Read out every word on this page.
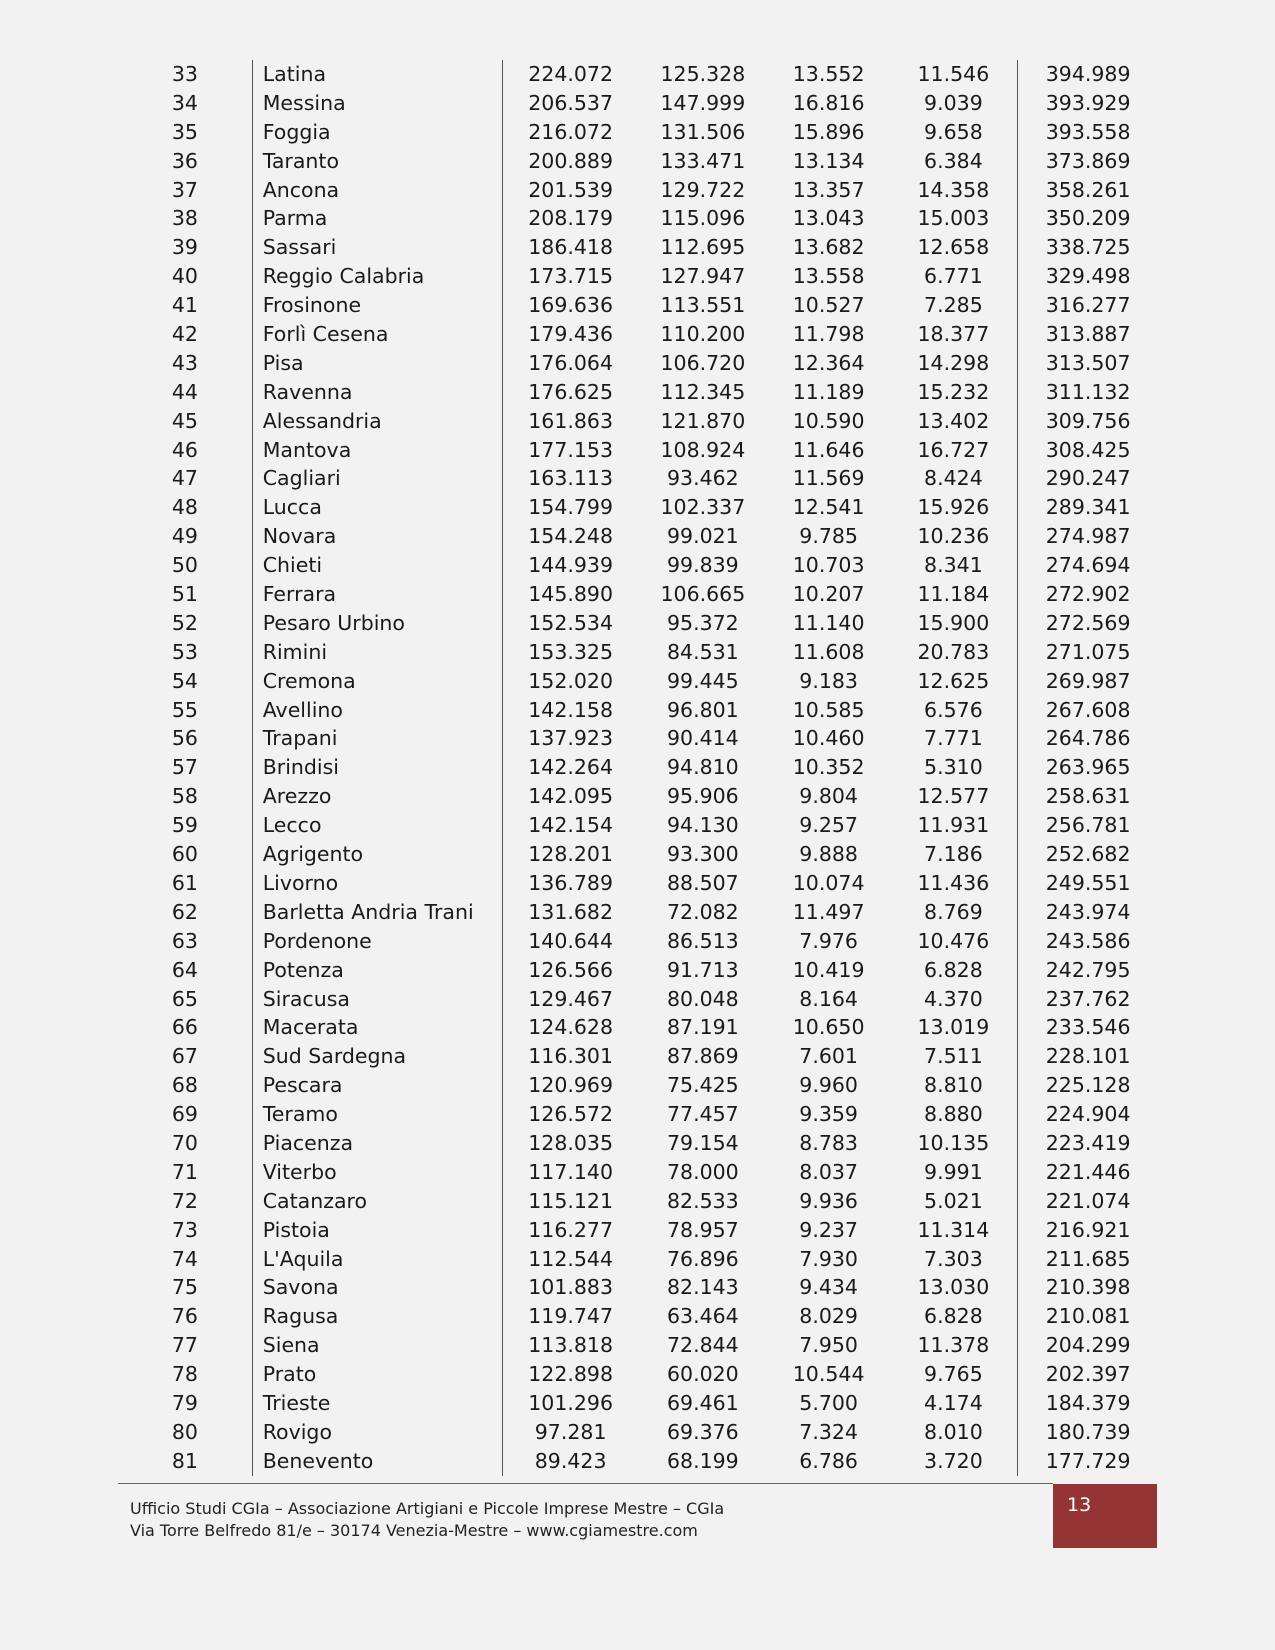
33	Latina	224.072	125.328	13.552	11.546	394.989
34	Messina	206.537	147.999	16.816	9.039	393.929
35	Foggia	216.072	131.506	15.896	9.658	393.558
36	Taranto	200.889	133.471	13.134	6.384	373.869
37	Ancona	201.539	129.722	13.357	14.358	358.261
38	Parma	208.179	115.096	13.043	15.003	350.209
39	Sassari	186.418	112.695	13.682	12.658	338.725
40	Reggio Calabria	173.715	127.947	13.558	6.771	329.498
41	Frosinone	169.636	113.551	10.527	7.285	316.277
42	Forlì Cesena	179.436	110.200	11.798	18.377	313.887
43	Pisa	176.064	106.720	12.364	14.298	313.507
44	Ravenna	176.625	112.345	11.189	15.232	311.132
45	Alessandria	161.863	121.870	10.590	13.402	309.756
46	Mantova	177.153	108.924	11.646	16.727	308.425
47	Cagliari	163.113	93.462	11.569	8.424	290.247
48	Lucca	154.799	102.337	12.541	15.926	289.341
49	Novara	154.248	99.021	9.785	10.236	274.987
50	Chieti	144.939	99.839	10.703	8.341	274.694
51	Ferrara	145.890	106.665	10.207	11.184	272.902
52	Pesaro Urbino	152.534	95.372	11.140	15.900	272.569
53	Rimini	153.325	84.531	11.608	20.783	271.075
54	Cremona	152.020	99.445	9.183	12.625	269.987
55	Avellino	142.158	96.801	10.585	6.576	267.608
56	Trapani	137.923	90.414	10.460	7.771	264.786
57	Brindisi	142.264	94.810	10.352	5.310	263.965
58	Arezzo	142.095	95.906	9.804	12.577	258.631
59	Lecco	142.154	94.130	9.257	11.931	256.781
60	Agrigento	128.201	93.300	9.888	7.186	252.682
61	Livorno	136.789	88.507	10.074	11.436	249.551
62	Barletta Andria Trani	131.682	72.082	11.497	8.769	243.974
63	Pordenone	140.644	86.513	7.976	10.476	243.586
64	Potenza	126.566	91.713	10.419	6.828	242.795
65	Siracusa	129.467	80.048	8.164	4.370	237.762
66	Macerata	124.628	87.191	10.650	13.019	233.546
67	Sud Sardegna	116.301	87.869	7.601	7.511	228.101
68	Pescara	120.969	75.425	9.960	8.810	225.128
69	Teramo	126.572	77.457	9.359	8.880	224.904
70	Piacenza	128.035	79.154	8.783	10.135	223.419
71	Viterbo	117.140	78.000	8.037	9.991	221.446
72	Catanzaro	115.121	82.533	9.936	5.021	221.074
73	Pistoia	116.277	78.957	9.237	11.314	216.921
74	L'Aquila	112.544	76.896	7.930	7.303	211.685
75	Savona	101.883	82.143	9.434	13.030	210.398
76	Ragusa	119.747	63.464	8.029	6.828	210.081
77	Siena	113.818	72.844	7.950	11.378	204.299
78	Prato	122.898	60.020	10.544	9.765	202.397
79	Trieste	101.296	69.461	5.700	4.174	184.379
80	Rovigo	97.281	69.376	7.324	8.010	180.739
81	Benevento	89.423	68.199	6.786	3.720	177.729
Ufficio Studi CGIa – Associazione Artigiani e Piccole Imprese Mestre – CGIa
Via Torre Belfredo 81/e – 30174 Venezia-Mestre – www.cgiamestre.com
13
